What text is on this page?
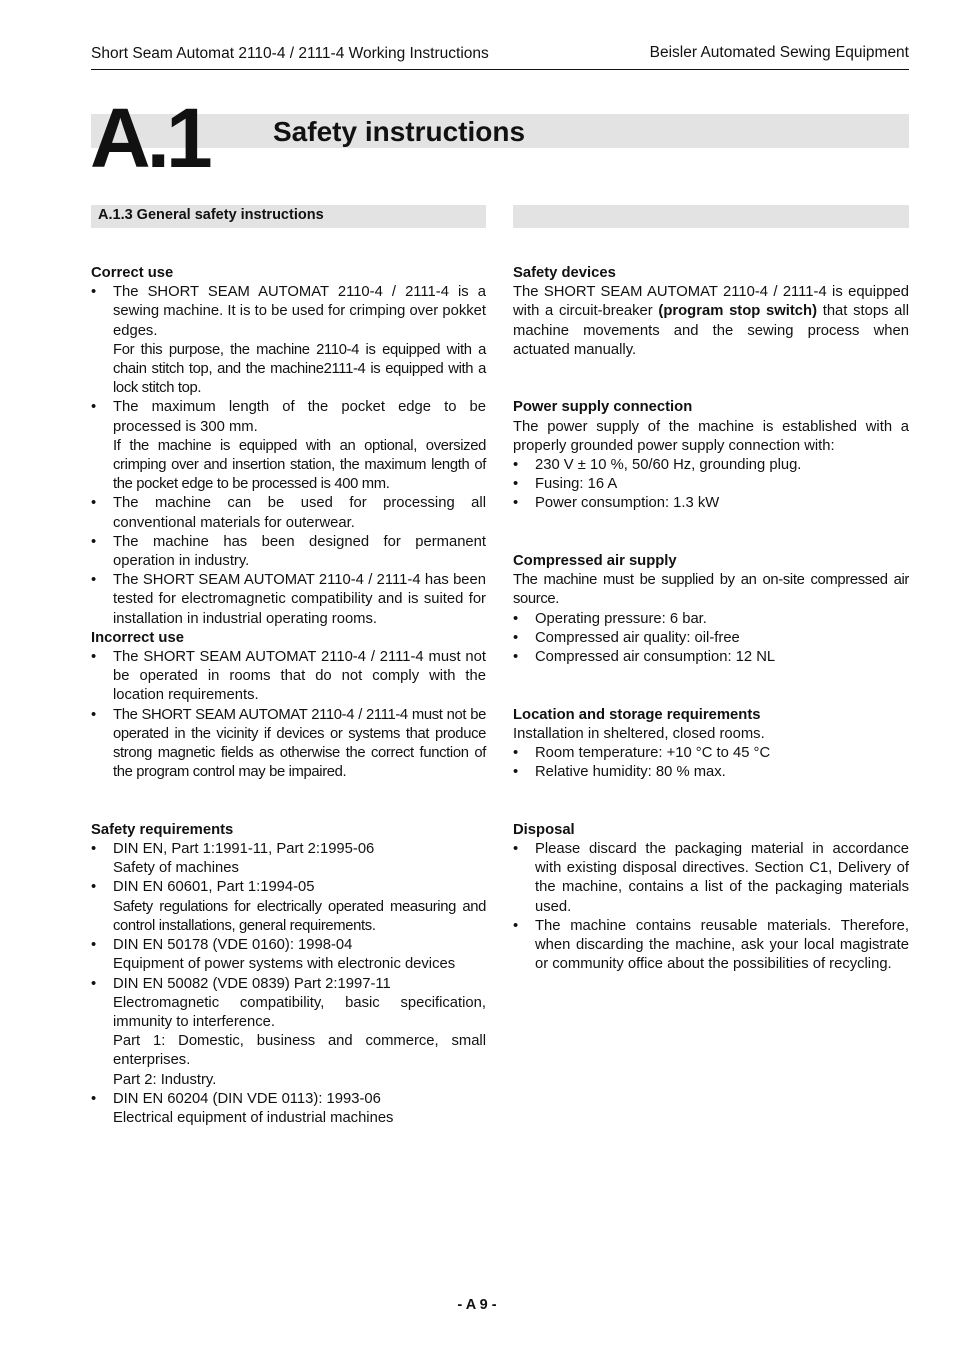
Short Seam Automat 2110-4 / 2111-4 Working Instructions	Beisler Automated Sewing Equipment
A.1 Safety instructions
A.1.3 General safety instructions
Correct use
• The SHORT SEAM AUTOMAT 2110-4 / 2111-4 is a sewing machine. It is to be used for crimping over pokket edges.
For this purpose, the machine 2110-4 is equipped with a chain stitch top, and the machine2111-4 is equipped with a lock stitch top.
• The maximum length of the pocket edge to be processed is 300 mm.
If the machine is equipped with an optional, oversized crimping over and insertion station, the maximum length of the pocket edge to be processed is 400 mm.
• The machine can be used for processing all conventional materials for outerwear.
• The machine has been designed for permanent operation in industry.
• The SHORT SEAM AUTOMAT 2110-4 / 2111-4 has been tested for electromagnetic compatibility and is suited for installation in industrial operating rooms.
Incorrect use
• The SHORT SEAM AUTOMAT 2110-4 / 2111-4 must not be operated in rooms that do not comply with the location requirements.
• The SHORT SEAM AUTOMAT 2110-4 / 2111-4 must not be operated in the vicinity if devices or systems that produce strong magnetic fields as otherwise the correct function of the program control may be impaired.
Safety requirements
• DIN EN, Part 1:1991-11, Part 2:1995-06
Safety of machines
• DIN EN 60601, Part 1:1994-05
Safety regulations for electrically operated measuring and control installations, general requirements.
• DIN EN 50178 (VDE 0160): 1998-04
Equipment of power systems with electronic devices
• DIN EN 50082 (VDE 0839) Part 2:1997-11
Electromagnetic compatibility, basic specification, immunity to interference.
Part 1: Domestic, business and commerce, small enterprises.
Part 2: Industry.
• DIN EN 60204 (DIN VDE 0113): 1993-06
Electrical equipment of industrial machines
Safety devices
The SHORT SEAM AUTOMAT 2110-4 / 2111-4 is equipped with a circuit-breaker (program stop switch) that stops all machine movements and the sewing process when actuated manually.
Power supply connection
The power supply of the machine is established with a properly grounded power supply connection with:
• 230 V ± 10 %, 50/60 Hz, grounding plug.
• Fusing: 16 A
• Power consumption: 1.3 kW
Compressed air supply
The machine must be supplied by an on-site compressed air source.
• Operating pressure: 6 bar.
• Compressed air quality: oil-free
• Compressed air consumption: 12 NL
Location and storage requirements
Installation in sheltered, closed rooms.
• Room temperature: +10 °C to 45 °C
• Relative humidity: 80 % max.
Disposal
• Please discard the packaging material in accordance with existing disposal directives. Section C1, Delivery of the machine, contains a list of the packaging materials used.
• The machine contains reusable materials. Therefore, when discarding the machine, ask your local magistrate or community office about the possibilities of recycling.
- A 9 -
